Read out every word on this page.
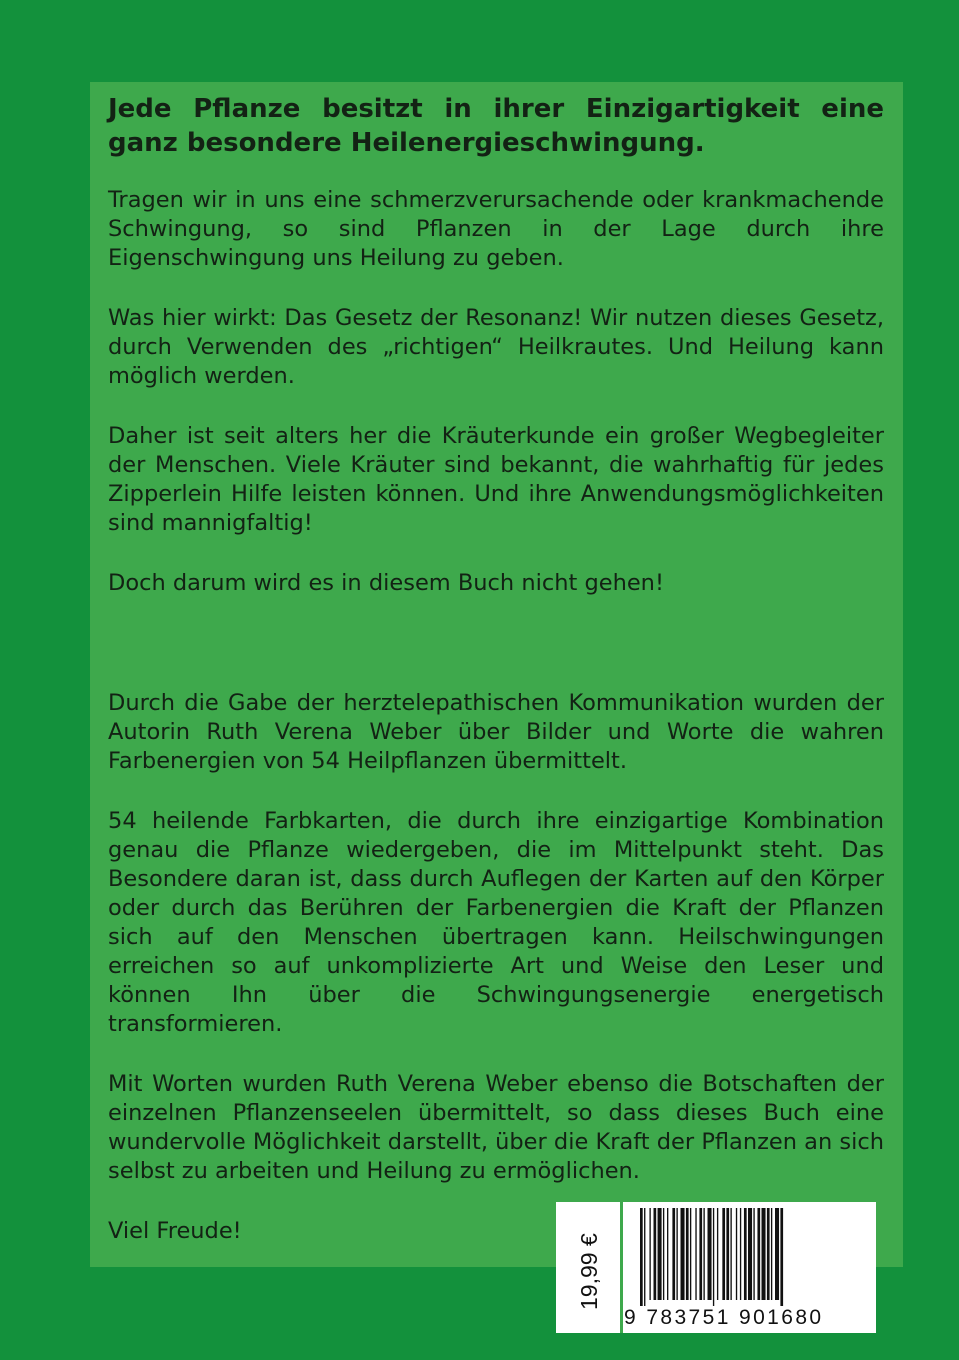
Jede Pflanze besitzt in ihrer Einzigartigkeit eine ganz besondere Heilenergieschwingung.

Tragen wir in uns eine schmerzverursachende oder krankmachende Schwingung, so sind Pflanzen in der Lage durch ihre Eigenschwingung uns Heilung zu geben.

Was hier wirkt: Das Gesetz der Resonanz! Wir nutzen dieses Gesetz, durch Verwenden des „richtigen“ Heilkrautes. Und Heilung kann möglich werden.

Daher ist seit alters her die Kräuterkunde ein großer Wegbegleiter der Menschen. Viele Kräuter sind bekannt, die wahrhaftig für jedes Zipperlein Hilfe leisten können. Und ihre Anwendungsmöglichkeiten sind mannigfaltig!

Doch darum wird es in diesem Buch nicht gehen!

Durch die Gabe der herztelepathischen Kommunikation wurden der Autorin Ruth Verena Weber über Bilder und Worte die wahren Farbenergien von 54 Heilpflanzen übermittelt.

54 heilende Farbkarten, die durch ihre einzigartige Kombination genau die Pflanze wiedergeben, die im Mittelpunkt steht. Das Besondere daran ist, dass durch Auflegen der Karten auf den Körper oder durch das Berühren der Farbenergien die Kraft der Pflanzen sich auf den Menschen übertragen kann. Heilschwingungen erreichen so auf unkomplizierte Art und Weise den Leser und können Ihn über die Schwingungsenergie energetisch transformieren.

Mit Worten wurden Ruth Verena Weber ebenso die Botschaften der einzelnen Pflanzenseelen übermittelt, so dass dieses Buch eine wundervolle Möglichkeit darstellt, über die Kraft der Pflanzen an sich selbst zu arbeiten und Heilung zu ermöglichen.

Viel Freude!

19,99 €
9 783751 901680
